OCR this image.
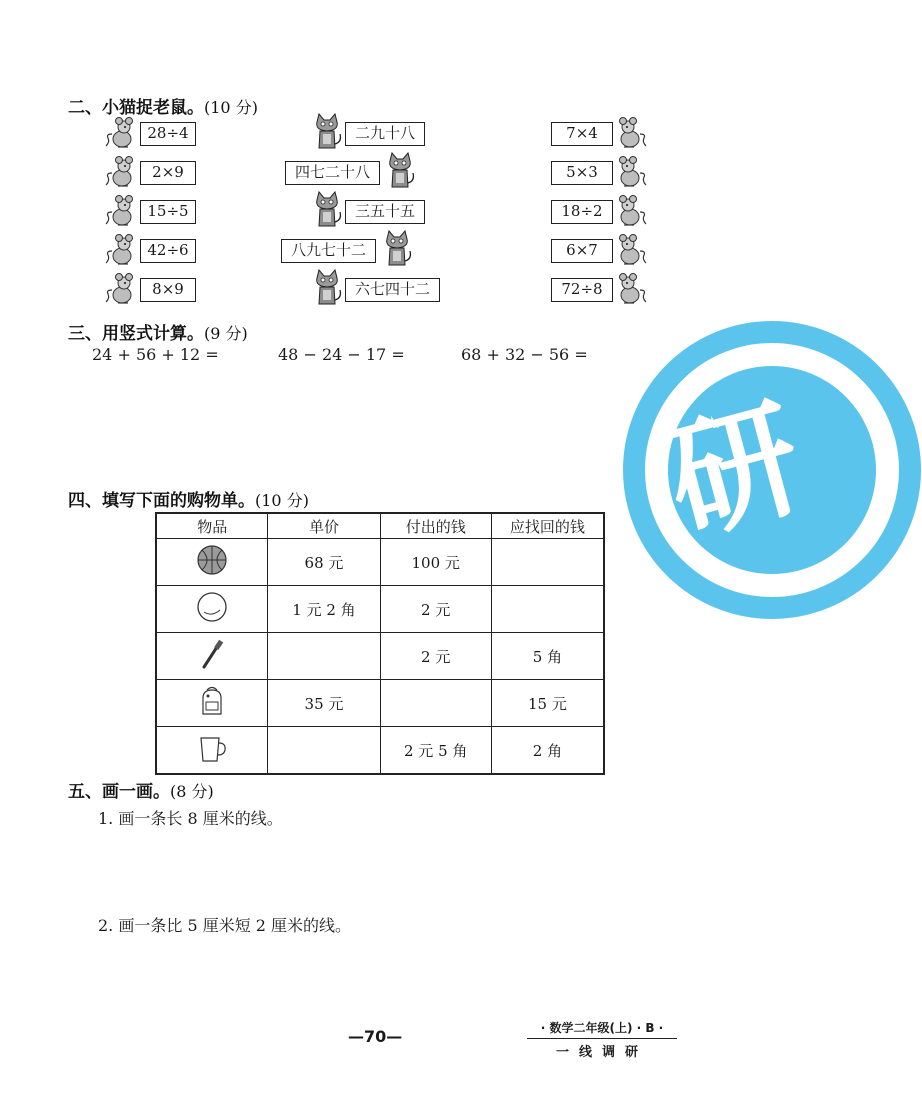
研
二、小猫捉老鼠。(10 分)
28÷4	二九十八	7×4
2×9	四七二十八	5×3
15÷5	三五十五	18÷2
42÷6	八九七十二	6×7
8×9	六七四十二	72÷8
三、用竖式计算。(9 分)
24 + 56 + 12 =	48 − 24 − 17 =	68 + 32 − 56 =
四、填写下面的购物单。(10 分)
物品	单价	付出的钱	应找回的钱
	68 元	100 元	
	1 元 2 角	2 元	
		2 元	5 角
	35 元		15 元
		2 元 5 角	2 角
五、画一画。(8 分)
1. 画一条长 8 厘米的线。
2. 画一条比 5 厘米短 2 厘米的线。
—70—	· 数学二年级(上) · B ·
一线调研
